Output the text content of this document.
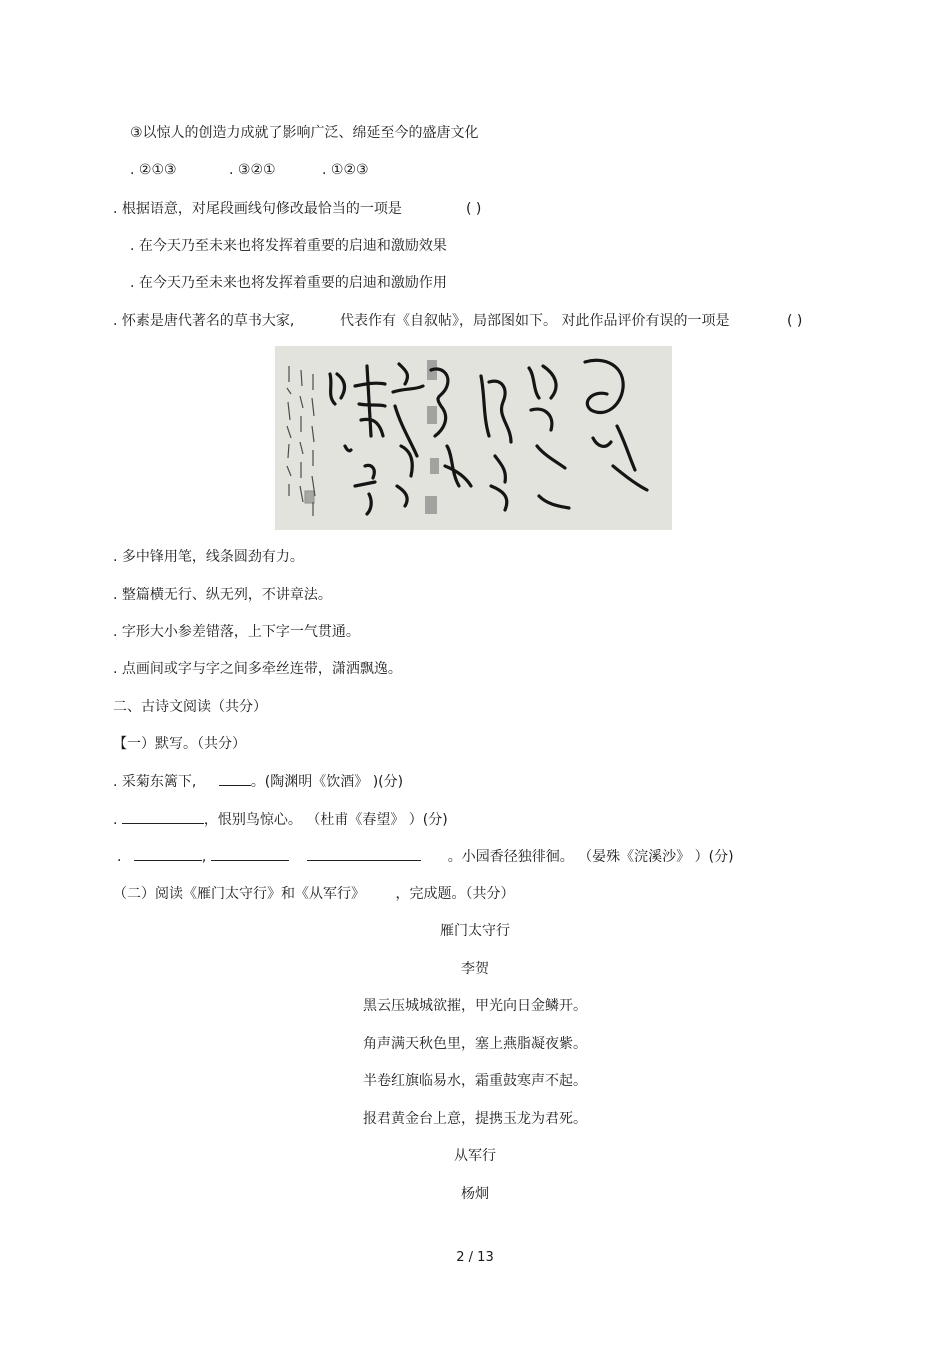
③以惊人的创造力成就了影响广泛、绵延至今的盛唐文化
. ②①③	. ③②①	. ①②③
. 根据语意，对尾段画线句修改最恰当的一项是	( )
. 在今天乃至未来也将发挥着重要的启迪和激励效果
. 在今天乃至未来也将发挥着重要的启迪和激励作用
. 怀素是唐代著名的草书大家,	代表作有《自叙帖》，局部图如下。 对此作品评价有误的一项是	( )
. 多中锋用笔，线条圆劲有力。
. 整篇横无行、纵无列，不讲章法。
. 字形大小参差错落，上下字一气贯通。
. 点画间或字与字之间多牵丝连带，潇洒飘逸。
二、古诗文阅读（共分）
【一）默写。（共分）
. 采菊东篱下,	。(陶渊明《饮酒》 )(分)
.	，恨别鸟惊心。 （杜甫《春望》 ）(分)
.	,	。小园香径独徘徊。 （晏殊《浣溪沙》 ）(分)
（二）阅读《雁门太守行》和《从军行》 ，完成题。（共分）
雁门太守行
李贺
黑云压城城欲摧，甲光向日金鳞开。
角声满天秋色里，塞上燕脂凝夜紫。
半卷红旗临易水，霜重鼓寒声不起。
报君黄金台上意，提携玉龙为君死。
从军行
杨炯
2 / 13
